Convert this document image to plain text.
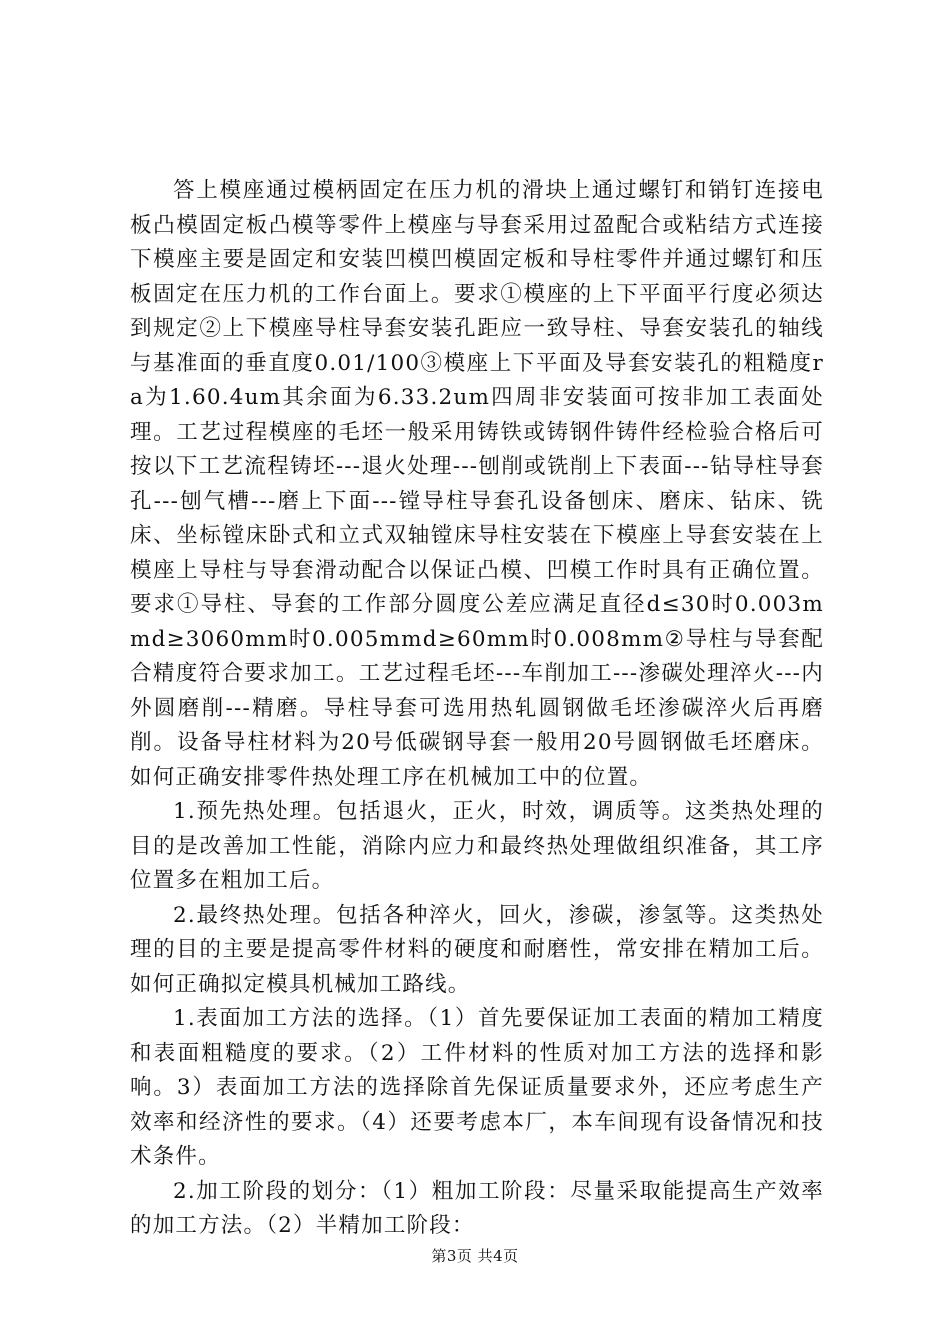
答上模座通过模柄固定在压力机的滑块上通过螺钉和销钉连接电板凸模固定板凸模等零件上模座与导套采用过盈配合或粘结方式连接下模座主要是固定和安装凹模凹模固定板和导柱零件并通过螺钉和压板固定在压力机的工作台面上。要求①模座的上下平面平行度必须达到规定②上下模座导柱导套安装孔距应一致导柱、导套安装孔的轴线与基准面的垂直度0.01/100③模座上下平面及导套安装孔的粗糙度ra为1.60.4um其余面为6.33.2um四周非安装面可按非加工表面处理。工艺过程模座的毛坯一般采用铸铁或铸钢件铸件经检验合格后可按以下工艺流程铸坯---退火处理---刨削或铣削上下表面---钻导柱导套孔---刨气槽---磨上下面---镗导柱导套孔设备刨床、磨床、钻床、铣床、坐标镗床卧式和立式双轴镗床导柱安装在下模座上导套安装在上模座上导柱与导套滑动配合以保证凸模、凹模工作时具有正确位置。要求①导柱、导套的工作部分圆度公差应满足直径d≤30时0.003mmd≥3060mm时0.005mmd≥60mm时0.008mm②导柱与导套配合精度符合要求加工。工艺过程毛坯---车削加工---渗碳处理淬火---内外圆磨削---精磨。导柱导套可选用热轧圆钢做毛坯渗碳淬火后再磨削。设备导柱材料为20号低碳钢导套一般用20号圆钢做毛坯磨床。如何正确安排零件热处理工序在机械加工中的位置。

1.预先热处理。包括退火，正火，时效，调质等。这类热处理的目的是改善加工性能，消除内应力和最终热处理做组织准备，其工序位置多在粗加工后。

2.最终热处理。包括各种淬火，回火，渗碳，渗氢等。这类热处理的目的主要是提高零件材料的硬度和耐磨性，常安排在精加工后。如何正确拟定模具机械加工路线。

1.表面加工方法的选择。（1）首先要保证加工表面的精加工精度和表面粗糙度的要求。（2）工件材料的性质对加工方法的选择和影响。3）表面加工方法的选择除首先保证质量要求外，还应考虑生产效率和经济性的要求。（4）还要考虑本厂，本车间现有设备情况和技术条件。

2.加工阶段的划分：（1）粗加工阶段：尽量采取能提高生产效率的加工方法。（2）半精加工阶段：

第3页 共4页
